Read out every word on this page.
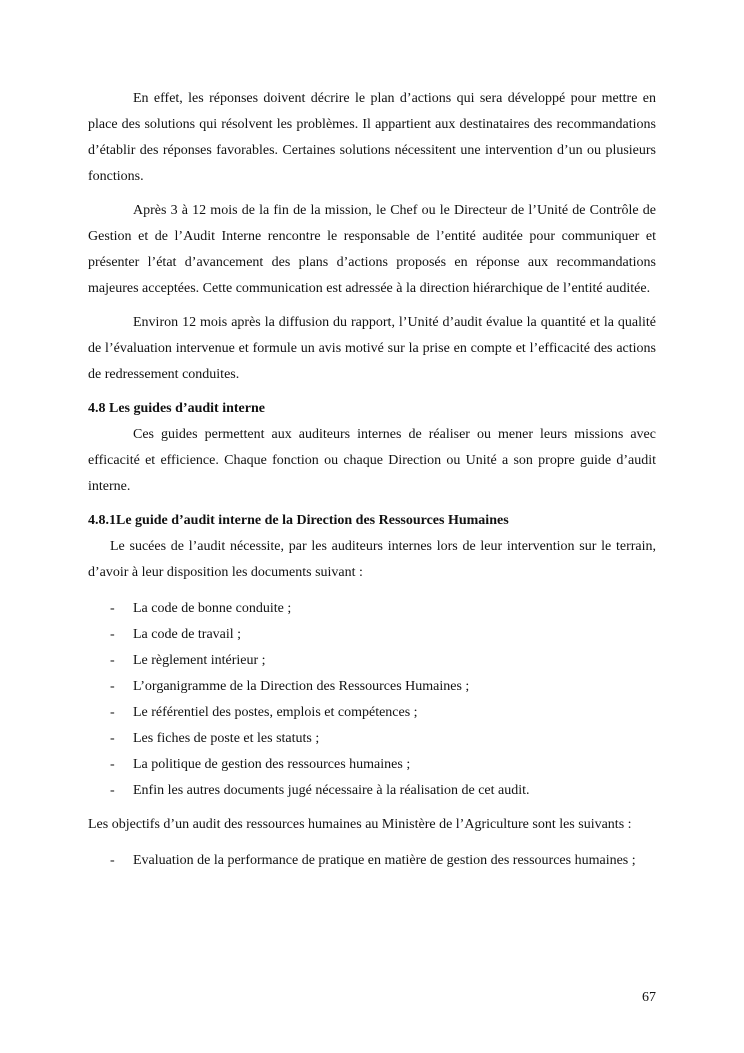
En effet, les réponses doivent décrire le plan d’actions qui sera développé pour mettre en place des solutions qui résolvent les problèmes. Il appartient aux destinataires des recommandations d’établir des réponses favorables. Certaines solutions nécessitent une intervention d’un ou plusieurs fonctions.

Après 3 à 12 mois de la fin de la mission, le Chef ou le Directeur de l’Unité de Contrôle de Gestion et de l’Audit Interne rencontre le responsable de l’entité auditée pour communiquer et présenter l’état d’avancement des plans d’actions proposés en réponse aux recommandations majeures acceptées. Cette communication est adressée à la direction hiérarchique de l’entité auditée.

Environ 12 mois après la diffusion du rapport, l’Unité d’audit évalue la quantité et la qualité de l’évaluation intervenue et formule un avis motivé sur la prise en compte et l’efficacité des actions de redressement conduites.

4.8 Les guides d’audit interne

Ces guides permettent aux auditeurs internes de réaliser ou mener leurs missions avec efficacité et efficience. Chaque fonction ou chaque Direction ou Unité a son propre guide d’audit interne.

4.8.1Le guide d’audit interne de la Direction des Ressources Humaines

Le sucées de l’audit nécessite, par les auditeurs internes lors de leur intervention sur le terrain, d’avoir à leur disposition les documents suivant :

- La code de bonne conduite ;
- La code de travail ;
- Le règlement intérieur ;
- L’organigramme de la Direction des Ressources Humaines ;
- Le référentiel des postes, emplois et compétences ;
- Les fiches de poste et les statuts ;
- La politique de gestion des ressources humaines ;
- Enfin les autres documents jugé nécessaire à la réalisation de cet audit.

Les objectifs d’un audit des ressources humaines au Ministère de l’Agriculture sont les suivants :

- Evaluation de la performance de pratique en matière de gestion des ressources humaines ;
67
